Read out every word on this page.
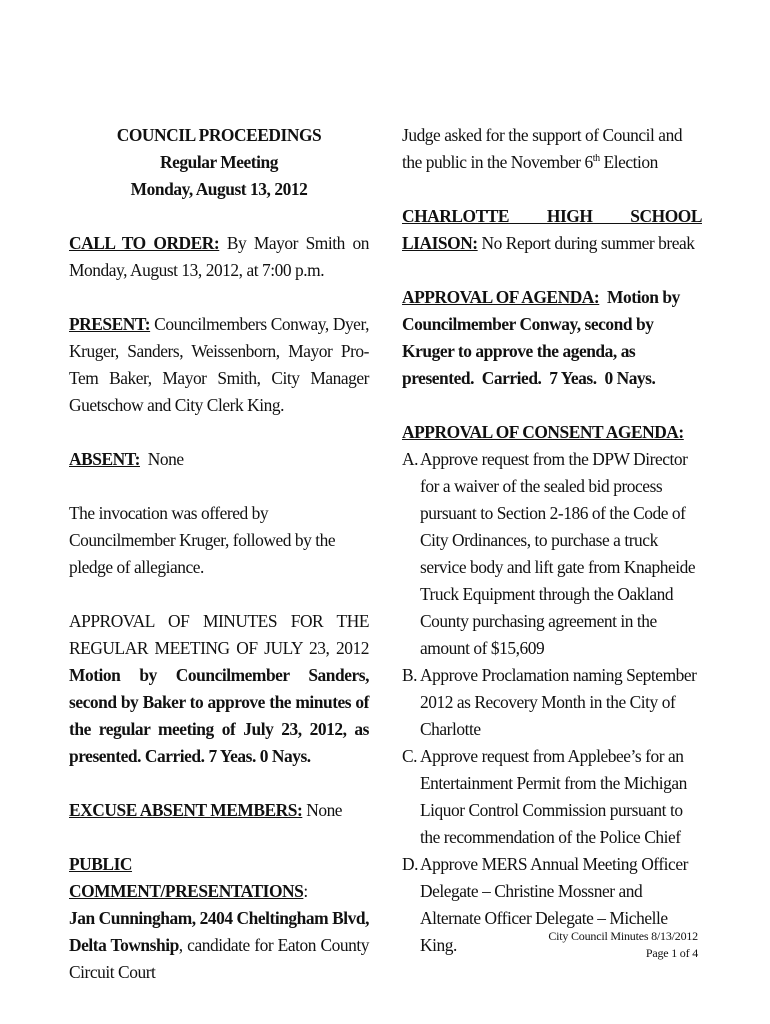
COUNCIL PROCEEDINGS
Regular Meeting
Monday, August 13, 2012
CALL TO ORDER: By Mayor Smith on Monday, August 13, 2012, at 7:00 p.m.
PRESENT: Councilmembers Conway, Dyer, Kruger, Sanders, Weissenborn, Mayor Pro-Tem Baker, Mayor Smith, City Manager Guetschow and City Clerk King.
ABSENT:  None
The invocation was offered by Councilmember Kruger, followed by the pledge of allegiance.
APPROVAL OF MINUTES FOR THE REGULAR MEETING OF JULY 23, 2012
Motion by Councilmember Sanders, second by Baker to approve the minutes of the regular meeting of July 23, 2012, as presented. Carried. 7 Yeas. 0 Nays.
EXCUSE ABSENT MEMBERS: None
PUBLIC COMMENT/PRESENTATIONS:
Jan Cunningham, 2404 Cheltingham Blvd, Delta Township, candidate for Eaton County Circuit Court
Judge asked for the support of Council and the public in the November 6th Election
CHARLOTTE HIGH SCHOOL LIAISON: No Report during summer break
APPROVAL OF AGENDA:  Motion by Councilmember Conway, second by Kruger to approve the agenda, as presented.  Carried.  7 Yeas.  0 Nays.
APPROVAL OF CONSENT AGENDA:
A. Approve request from the DPW Director for a waiver of the sealed bid process pursuant to Section 2-186 of the Code of City Ordinances, to purchase a truck service body and lift gate from Knapheide Truck Equipment through the Oakland County purchasing agreement in the amount of $15,609
B. Approve Proclamation naming September 2012 as Recovery Month in the City of Charlotte
C. Approve request from Applebee’s for an Entertainment Permit from the Michigan Liquor Control Commission pursuant to the recommendation of the Police Chief
D. Approve MERS Annual Meeting Officer Delegate – Christine Mossner and Alternate Officer Delegate – Michelle King.	City Council Minutes 8/13/2012
Page 1 of 4
